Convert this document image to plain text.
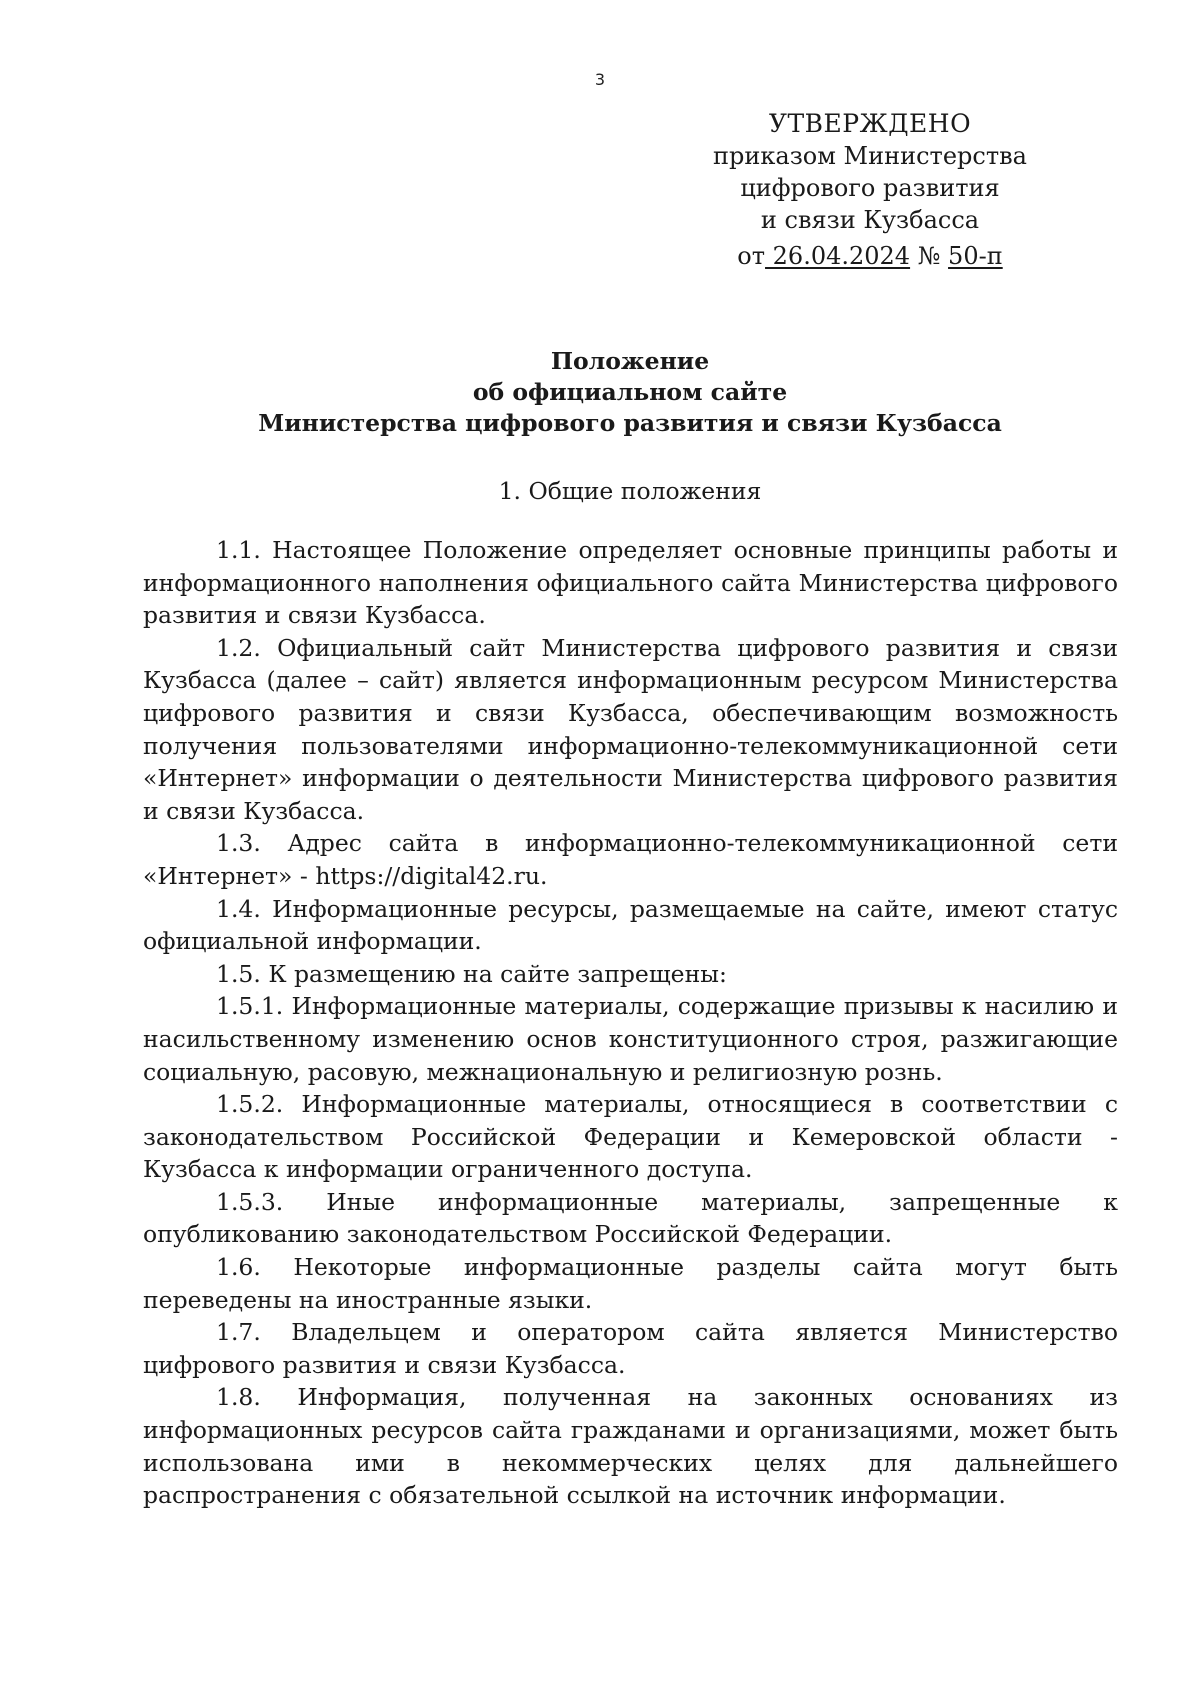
3
УТВЕРЖДЕНО
приказом Министерства
цифрового развития
и связи Кузбасса
от 26.04.2024 № 50-п
Положение
об официальном сайте
Министерства цифрового развития и связи Кузбасса
1. Общие положения

1.1. Настоящее Положение определяет основные принципы работы и информационного наполнения официального сайта Министерства цифрового развития и связи Кузбасса.

1.2. Официальный сайт Министерства цифрового развития и связи Кузбасса (далее – сайт) является информационным ресурсом Министерства цифрового развития и связи Кузбасса, обеспечивающим возможность получения пользователями информационно-телекоммуникационной сети «Интернет» информации о деятельности Министерства цифрового развития и связи Кузбасса.

1.3. Адрес сайта в информационно-телекоммуникационной сети «Интернет» - https://digital42.ru.

1.4. Информационные ресурсы, размещаемые на сайте, имеют статус официальной информации.

1.5. К размещению на сайте запрещены:

1.5.1. Информационные материалы, содержащие призывы к насилию и насильственному изменению основ конституционного строя, разжигающие социальную, расовую, межнациональную и религиозную рознь.

1.5.2. Информационные материалы, относящиеся в соответствии с законодательством Российской Федерации и Кемеровской области - Кузбасса к информации ограниченного доступа.

1.5.3. Иные информационные материалы, запрещенные к опубликованию законодательством Российской Федерации.

1.6. Некоторые информационные разделы сайта могут быть переведены на иностранные языки.

1.7. Владельцем и оператором сайта является Министерство цифрового развития и связи Кузбасса.

1.8. Информация, полученная на законных основаниях из информационных ресурсов сайта гражданами и организациями, может быть использована ими в некоммерческих целях для дальнейшего распространения с обязательной ссылкой на источник информации.
